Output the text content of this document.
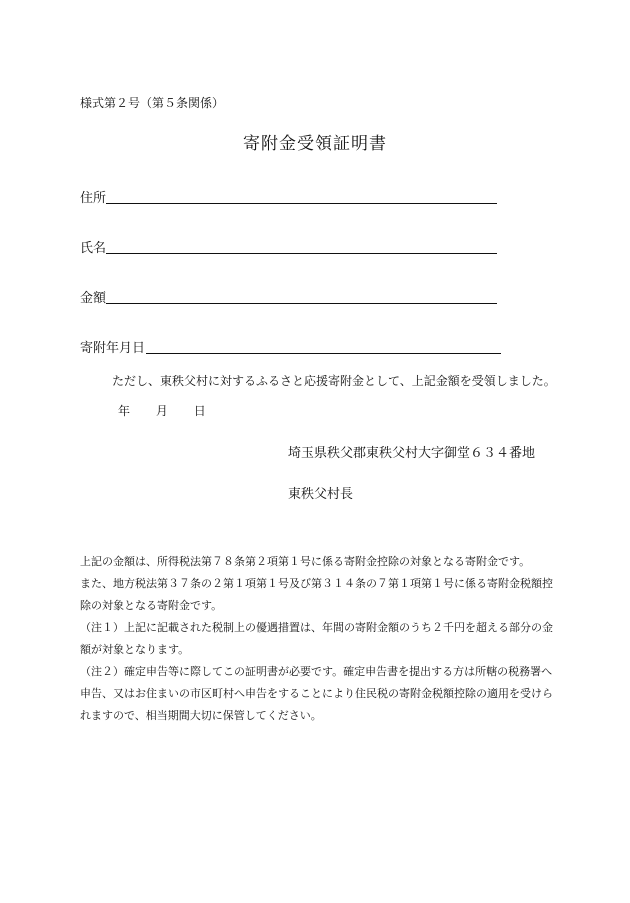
様式第２号（第５条関係）
寄附金受領証明書
住所
氏名
金額
寄附年月日
ただし、東秩父村に対するふるさと応援寄附金として、上記金額を受領しました。
年 月 日
埼玉県秩父郡東秩父村大字御堂６３４番地
東秩父村長

上記の金額は、所得税法第７８条第２項第１号に係る寄附金控除の対象となる寄附金です。

また、地方税法第３７条の２第１項第１号及び第３１４条の７第１項第１号に係る寄附金税額控

除の対象となる寄附金です。

（注１）上記に記載された税制上の優遇措置は、年間の寄附金額のうち２千円を超える部分の金

額が対象となります。

（注２）確定申告等に際してこの証明書が必要です。確定申告書を提出する方は所轄の税務署へ

申告、又はお住まいの市区町村へ申告をすることにより住民税の寄附金税額控除の適用を受けら

れますので、相当期間大切に保管してください。
